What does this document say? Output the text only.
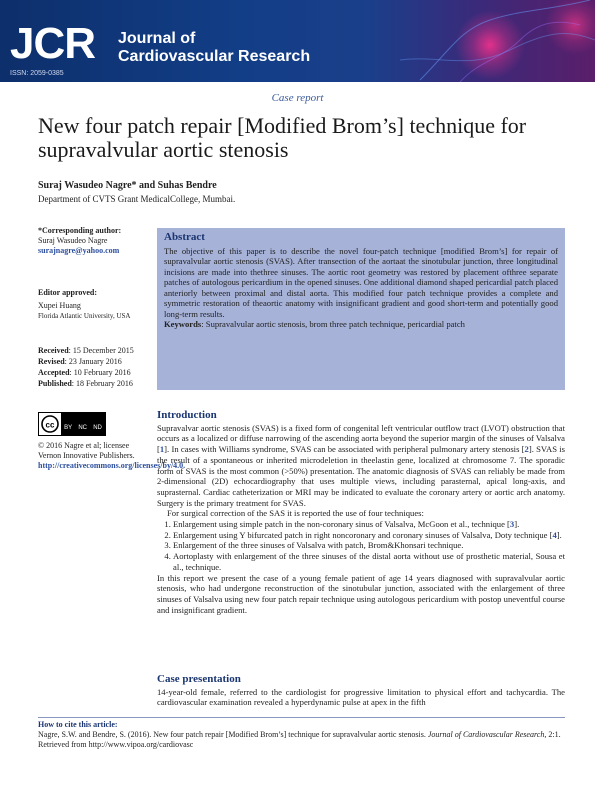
JCR Journal of
Cardiovascular Research
ISSN: 2059-0385
Case report
New four patch repair [Modified Brom’s] technique for supravalvular aortic stenosis
Suraj Wasudeo Nagre* and Suhas Bendre
Department of CVTS Grant MedicalCollege, Mumbai.
*Corresponding author:
Suraj Wasudeo Nagre
surajnagre@yahoo.com
Editor approved:
Xupei Huang
Florida Atlantic University, USA
Received: 15 December 2015
Revised: 23 January 2016
Accepted: 10 February 2016
Published: 18 February 2016
cc BY NC ND
© 2016 Nagre et al; licensee Vernon Innovative Publishers.
http://creativecommons.org/licenses/by/4.0.
Abstract

The objective of this paper is to describe the novel four-patch technique [modified Brom’s] for repair of supravalvular aortic stenosis (SVAS). After transection of the aortaat the sinotubular junction, three longitudinal incisions are made into thethree sinuses. The aortic root geometry was restored by placement ofthree separate patches of autologous pericardium in the opened sinuses. One additional diamond shaped pericardial patch placed anteriorly between proximal and distal aorta. This modified four patch technique provides a complete and symmetric restoration of theaortic anatomy with insignificant gradient and good short-term and potentially good long-term results.

Keywords: Supravalvular aortic stenosis, brom three patch technique, pericardial patch

Introduction

Supravalvar aortic stenosis (SVAS) is a fixed form of congenital left ventricular outflow tract (LVOT) obstruction that occurs as a localized or diffuse narrowing of the ascending aorta beyond the superior margin of the sinuses of Valsalva [1]. In cases with Williams syndrome, SVAS can be associated with peripheral pulmonary artery stenosis [2]. SVAS is the result of a spontaneous or inherited microdeletion in theelastin gene, localized at chromosome 7. The sporadic form of SVAS is the most common (>50%) presentation. The anatomic diagnosis of SVAS can reliably be made from 2-dimensional (2D) echocardiography that uses multiple views, including parasternal, apical long-axis, and suprasternal. Cardiac catheterization or MRI may be indicated to evaluate the coronary artery or aortic arch anatomy. Surgery is the primary treatment for SVAS.

For surgical correction of the SAS it is reported the use of four techniques:

1. Enlargement using simple patch in the non-coronary sinus of Valsalva, McGoon et al., technique [3].
2. Enlargement using Y bifurcated patch in right noncoronary and coronary sinuses of Valsalva, Doty technique [4].
3. Enlargement of the three sinuses of Valsalva with patch, Brom&Khonsari technique.
4. Aortoplasty with enlargement of the three sinuses of the distal aorta without use of prosthetic material, Sousa et al., technique.

In this report we present the case of a young female patient of age 14 years diagnosed with supravalvular aortic stenosis, who had undergone reconstruction of the sinotubular junction, associated with the enlargement of three sinuses of Valsalva using new four patch repair technique using autologous pericardium with postop uneventful course and insignificant gradient.

Case presentation

14-year-old female, referred to the cardiologist for progressive limitation to physical effort and tachycardia. The cardiovascular examination revealed a hyperdynamic pulse at apex in the fifth

How to cite this article:
Nagre, S.W. and Bendre, S. (2016). New four patch repair [Modified Brom’s] technique for supravalvular aortic stenosis. Journal of Cardiovascular Research, 2:1. Retrieved from http://www.vipoa.org/cardiovasc
